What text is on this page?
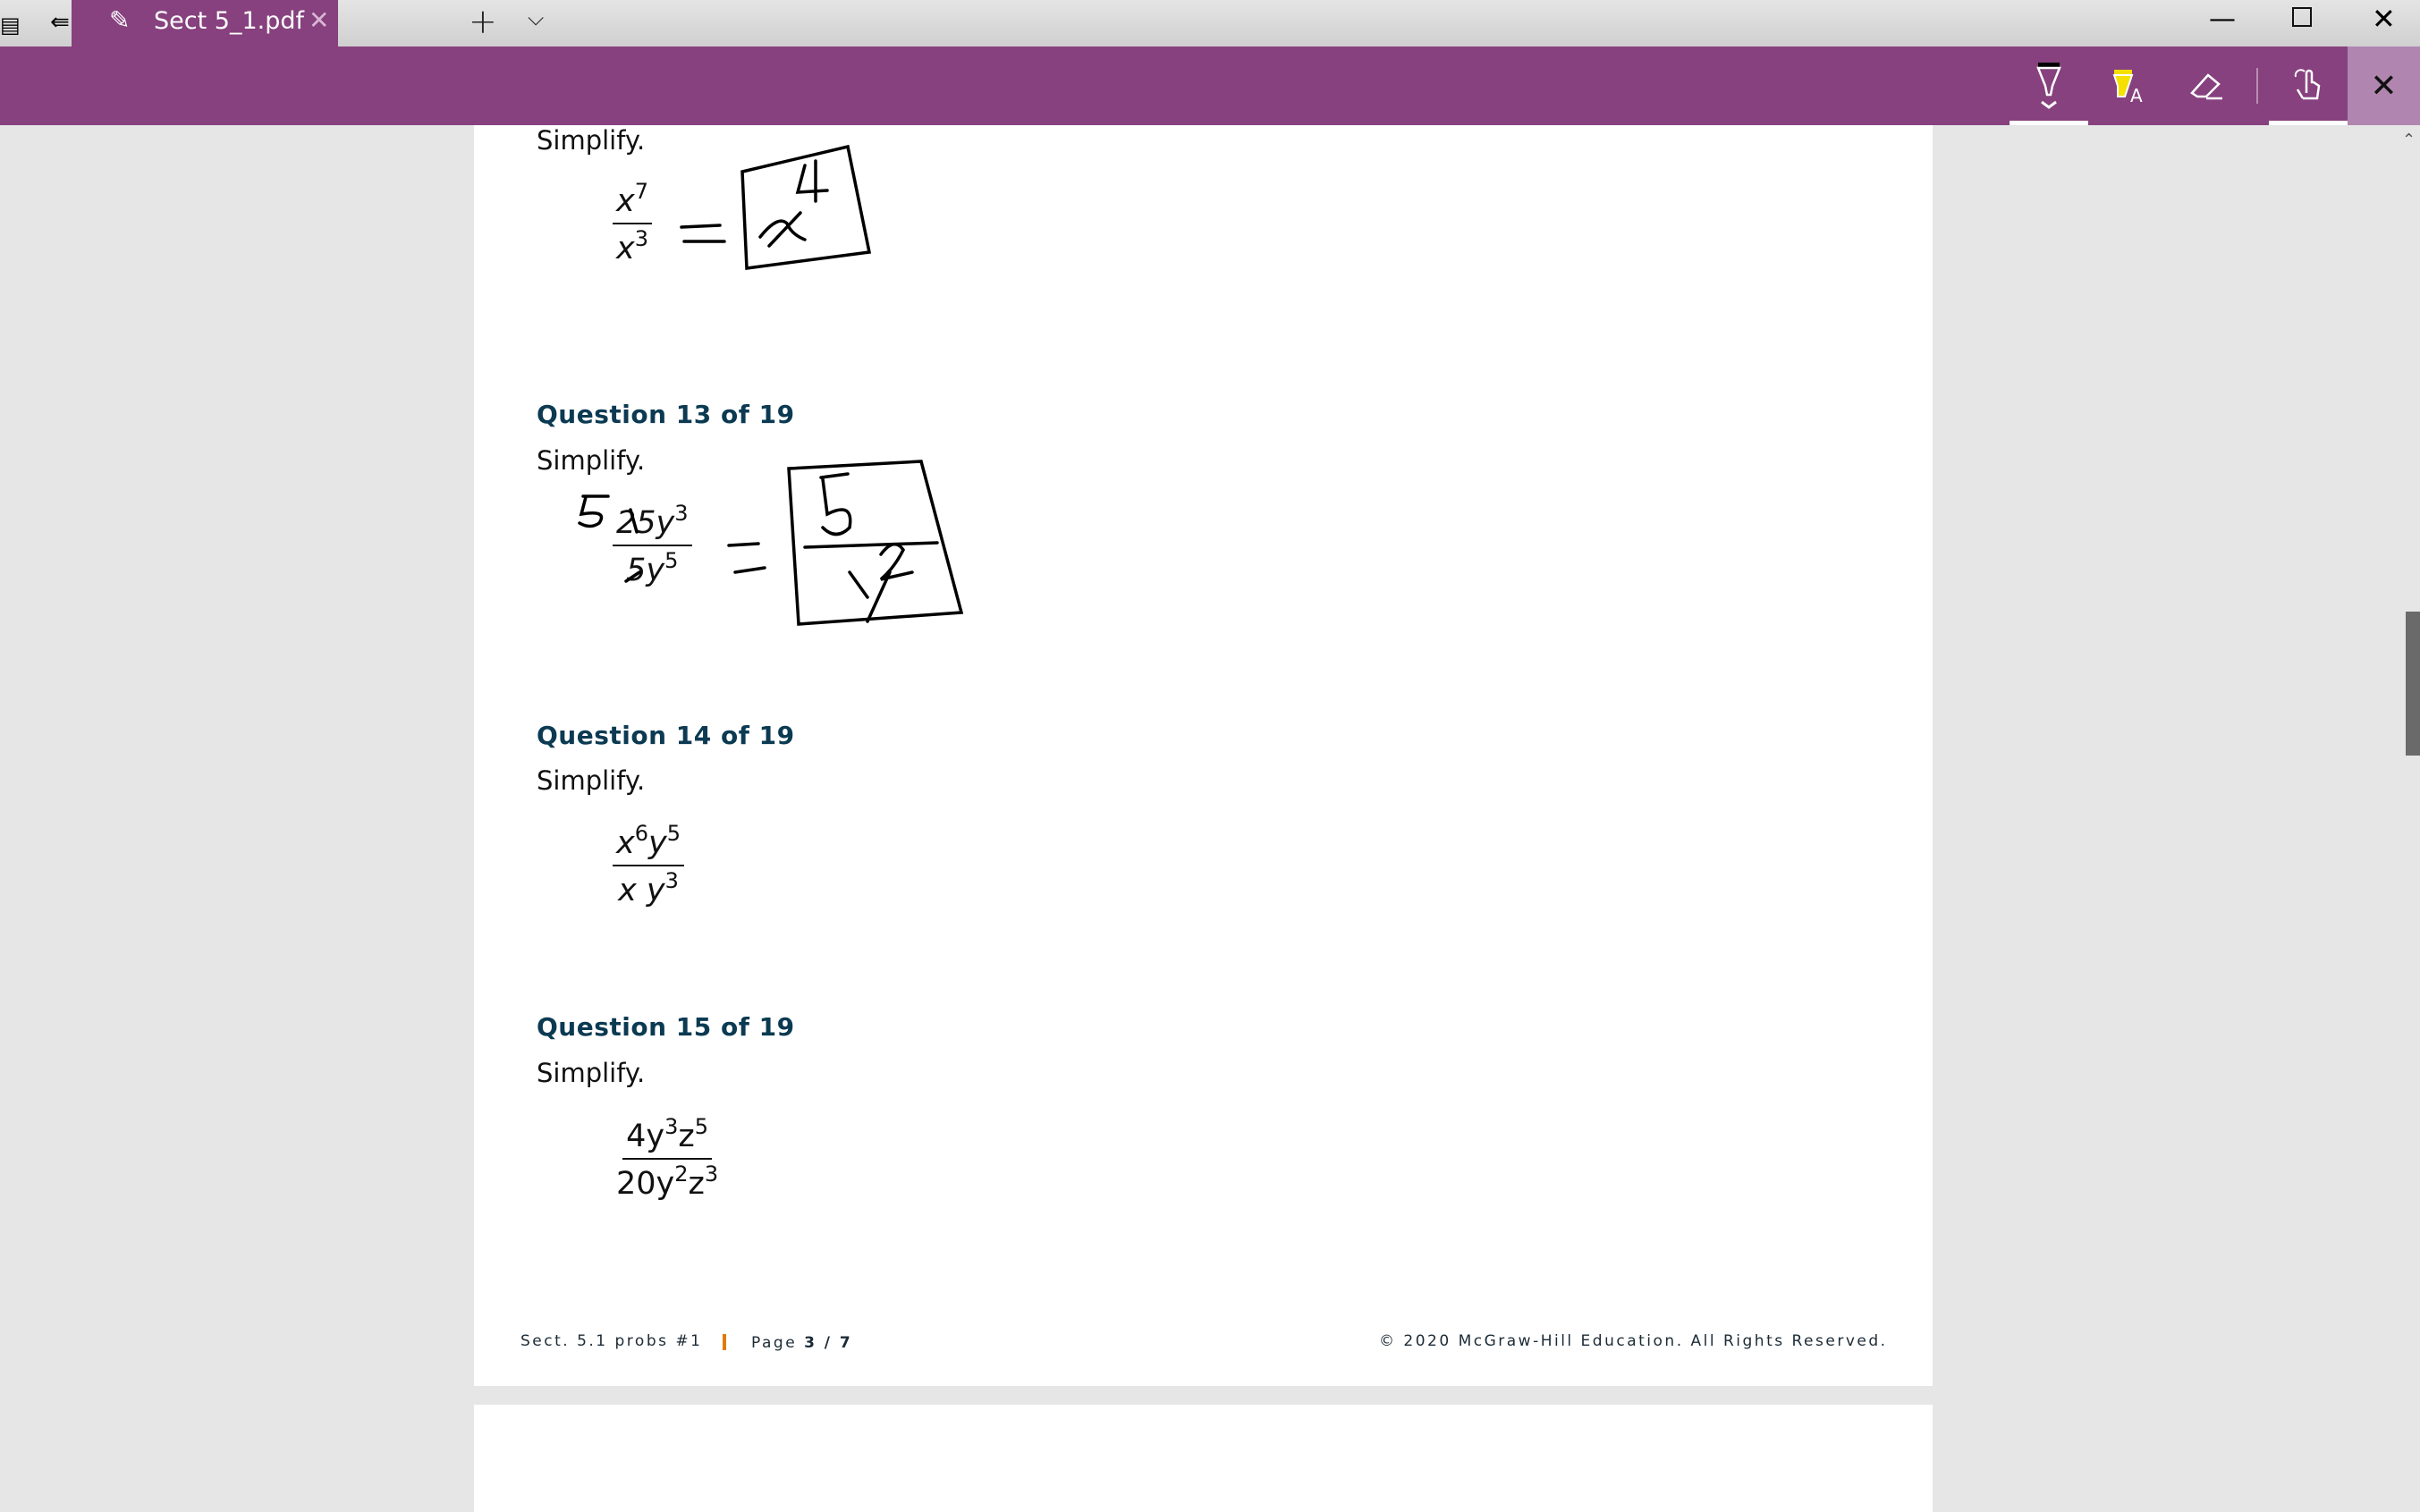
▤ ⇚ ✎ Sect 5_1.pdf ✕	+ ⌵	—	✕
A	✕
⌃
Simplify.
$\frac{x^7}{x^3}$
Question 13 of 19
Simplify.
$\frac{25y^3}{5y^5}$
Question 14 of 19
Simplify.
$\frac{x^6y^5}{x y^3}$
Question 15 of 19
Simplify.
$\frac{4y^3z^5}{20y^2z^3}$
Sect. 5.1 probs #1	Page 3 / 7	© 2020 McGraw-Hill Education. All Rights Reserved.
